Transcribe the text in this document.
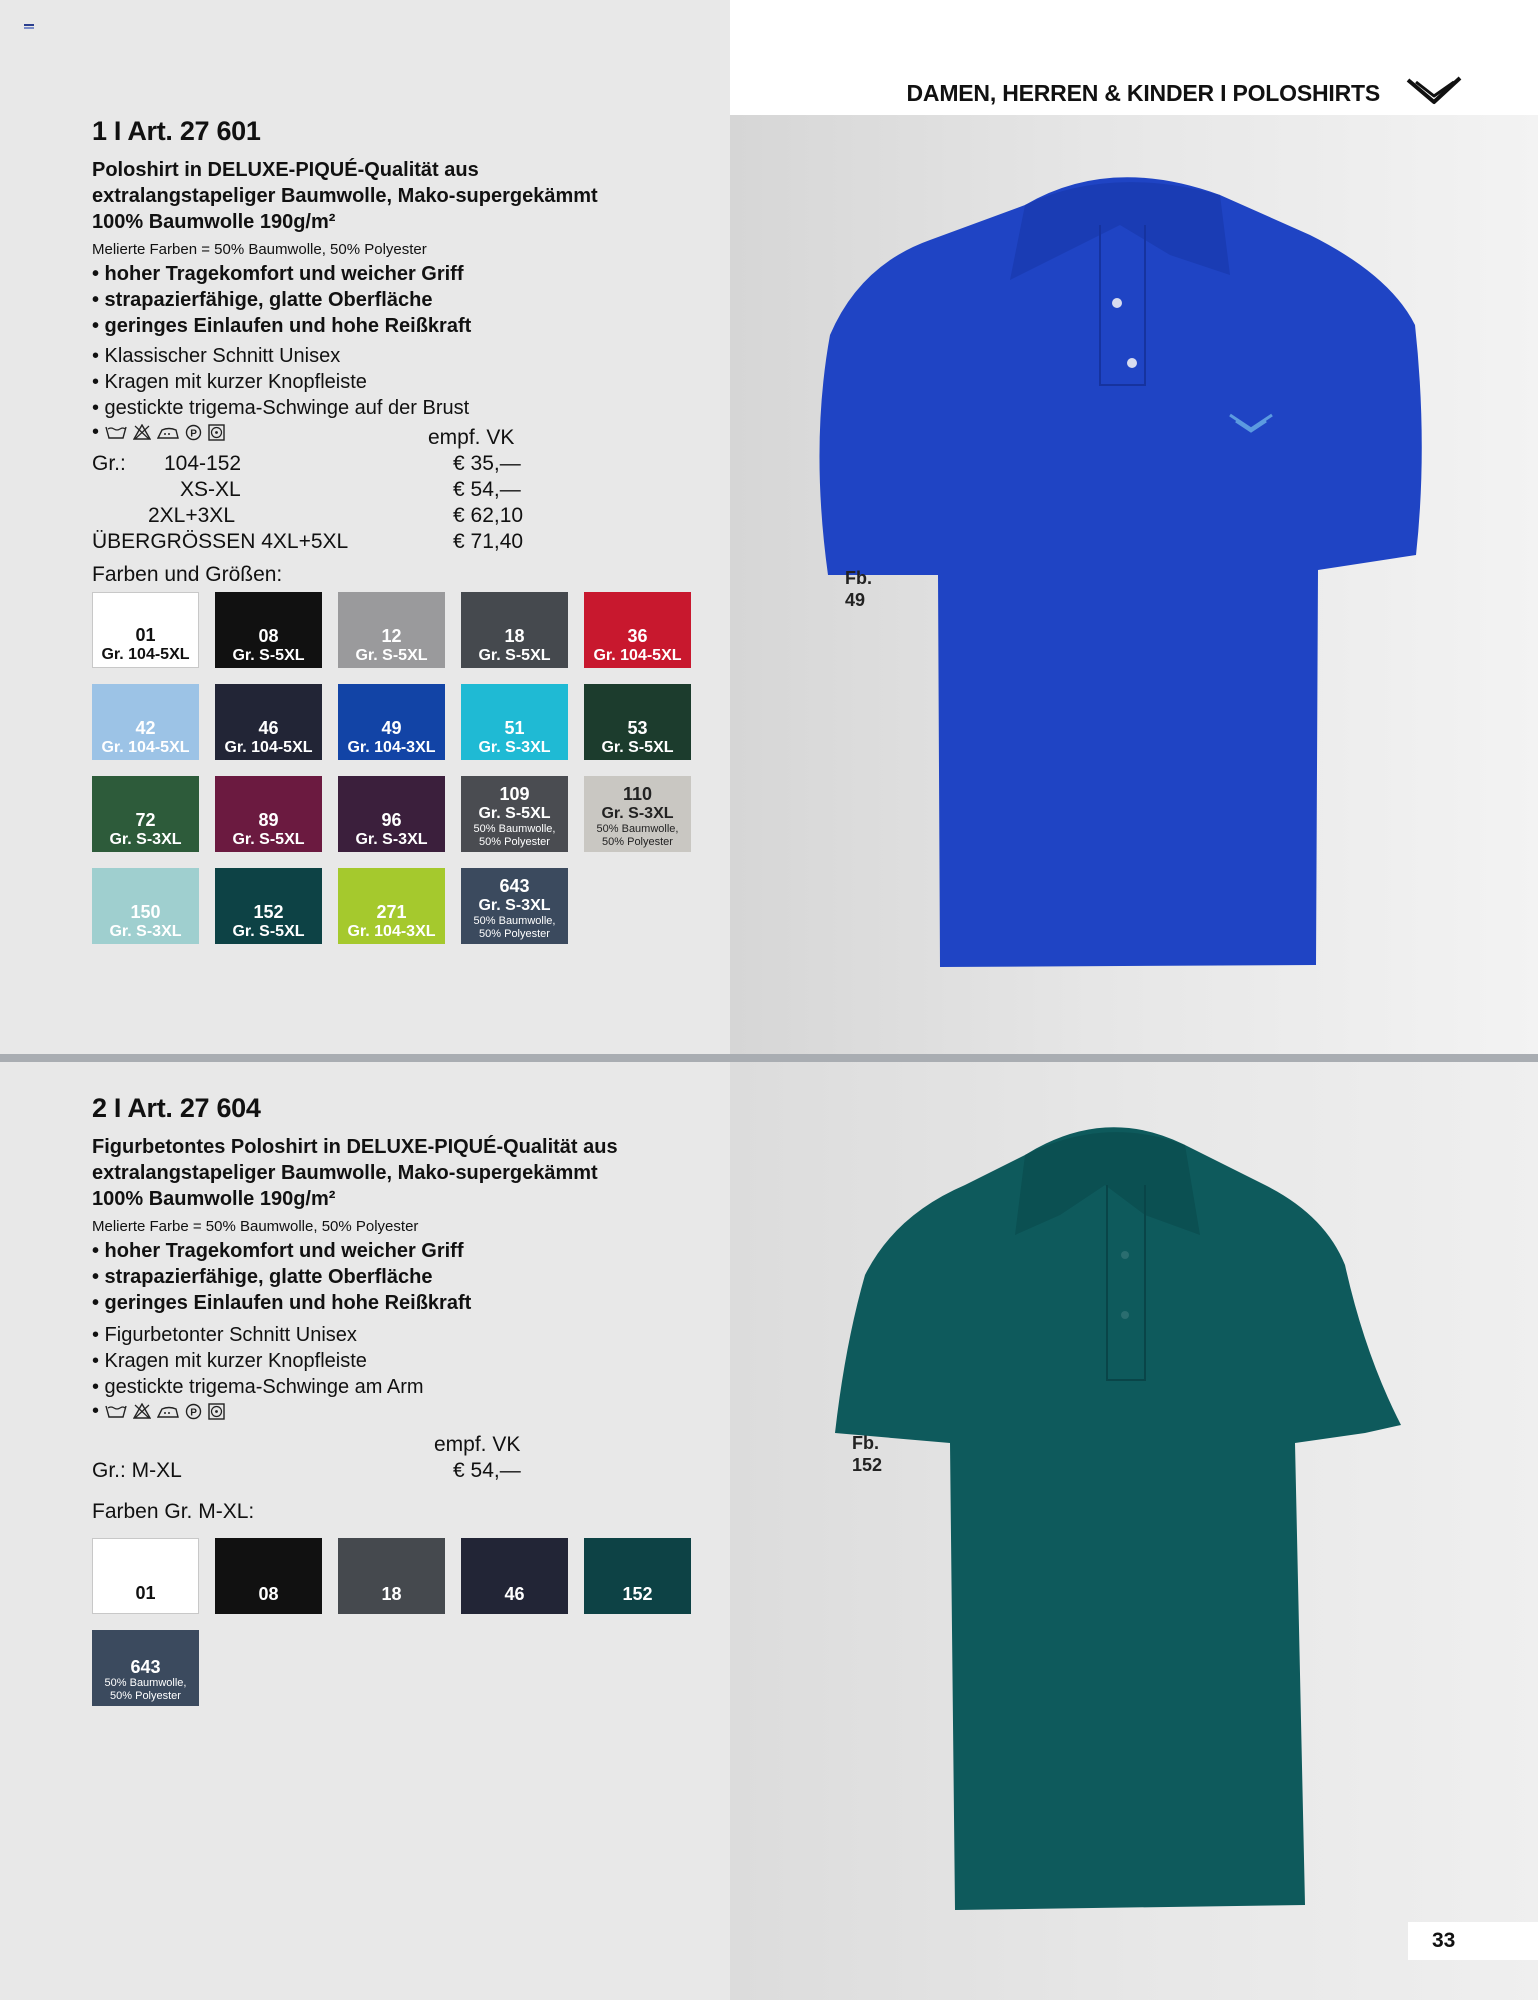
DAMEN, HERREN & KINDER I POLOSHIRTS
1 I Art. 27 601
Poloshirt in DELUXE-PIQUÉ-Qualität aus
extralangstapeliger Baumwolle, Mako-supergekämmt
100% Baumwolle 190g/m²
Melierte Farben = 50% Baumwolle, 50% Polyester
• hoher Tragekomfort und weicher Griff
• strapazierfähige, glatte Oberfläche
• geringes Einlaufen und hohe Reißkraft
• Klassischer Schnitt Unisex
• Kragen mit kurzer Knopfleiste
• gestickte trigema-Schwinge auf der Brust
•	P	empf. VK
Gr.: 104-152	€ 35,—
XS-XL	€ 54,—
2XL+3XL	€ 62,10
ÜBERGRÖSSEN 4XL+5XL	€ 71,40
Farben und Größen:
01
Gr. 104-5XL
08
Gr. S-5XL
12
Gr. S-5XL
18
Gr. S-5XL
36
Gr. 104-5XL
42
Gr. 104-5XL
46
Gr. 104-5XL
49
Gr. 104-3XL
51
Gr. S-3XL
53
Gr. S-5XL
72
Gr. S-3XL
89
Gr. S-5XL
96
Gr. S-3XL
109
Gr. S-5XL
50% Baumwolle,
50% Polyester
110
Gr. S-3XL
50% Baumwolle,
50% Polyester
150
Gr. S-3XL
152
Gr. S-5XL
271
Gr. 104-3XL
643
Gr. S-3XL
50% Baumwolle,
50% Polyester
Fb.
49
2 I Art. 27 604
Figurbetontes Poloshirt in DELUXE-PIQUÉ-Qualität aus
extralangstapeliger Baumwolle, Mako-supergekämmt
100% Baumwolle 190g/m²
Melierte Farbe = 50% Baumwolle, 50% Polyester
• hoher Tragekomfort und weicher Griff
• strapazierfähige, glatte Oberfläche
• geringes Einlaufen und hohe Reißkraft
• Figurbetonter Schnitt Unisex
• Kragen mit kurzer Knopfleiste
• gestickte trigema-Schwinge am Arm
•	P
empf. VK
Gr.: M-XL	€ 54,—
Farben Gr. M-XL:
01	08	18	46	152
643
50% Baumwolle,
50% Polyester
Fb.
152
33
